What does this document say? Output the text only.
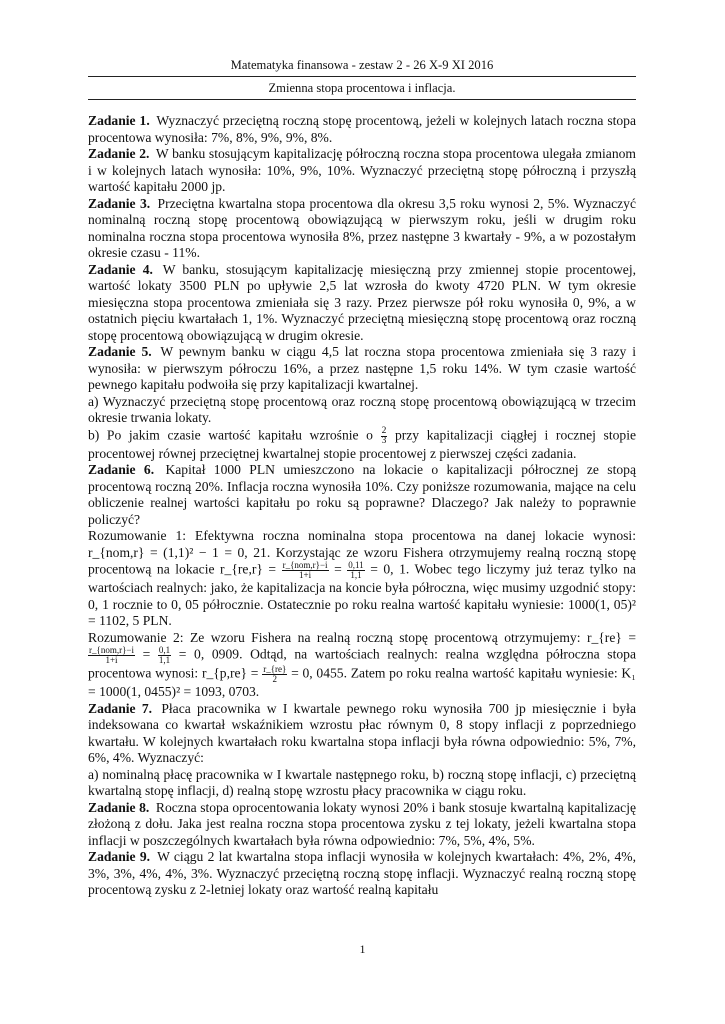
Matematyka finansowa - zestaw 2 - 26 X-9 XI 2016
Zmienna stopa procentowa i inflacja.

Zadanie 1. Wyznaczyć przeciętną roczną stopę procentową, jeżeli w kolejnych latach roczna stopa procentowa wynosiła: 7%, 8%, 9%, 9%, 8%.

Zadanie 2. W banku stosującym kapitalizację półroczną roczna stopa procentowa ulegała zmianom i w kolejnych latach wynosiła: 10%, 9%, 10%. Wyznaczyć przeciętną stopę półroczną i przyszłą wartość kapitału 2000 jp.

Zadanie 3. Przeciętna kwartalna stopa procentowa dla okresu 3,5 roku wynosi 2, 5%. Wyznaczyć nominalną roczną stopę procentową obowiązującą w pierwszym roku, jeśli w drugim roku nominalna roczna stopa procentowa wynosiła 8%, przez następne 3 kwartały - 9%, a w pozostałym okresie czasu - 11%.

Zadanie 4. W banku, stosującym kapitalizację miesięczną przy zmiennej stopie procentowej, wartość lokaty 3500 PLN po upływie 2,5 lat wzrosła do kwoty 4720 PLN. W tym okresie miesięczna stopa procentowa zmieniała się 3 razy. Przez pierwsze pół roku wynosiła 0, 9%, a w ostatnich pięciu kwartałach 1, 1%. Wyznaczyć przeciętną miesięczną stopę procentową oraz roczną stopę procentową obowiązującą w drugim okresie.

Zadanie 5. W pewnym banku w ciągu 4,5 lat roczna stopa procentowa zmieniała się 3 razy i wynosiła: w pierwszym półroczu 16%, a przez następne 1,5 roku 14%. W tym czasie wartość pewnego kapitału podwoiła się przy kapitalizacji kwartalnej.

a) Wyznaczyć przeciętną stopę procentową oraz roczną stopę procentową obowiązującą w trzecim okresie trwania lokaty.

b) Po jakim czasie wartość kapitału wzrośnie o $\frac{2}{3}$ przy kapitalizacji ciągłej i rocznej stopie procentowej równej przeciętnej kwartalnej stopie procentowej z pierwszej części zadania.

Zadanie 6. Kapitał 1000 PLN umieszczono na lokacie o kapitalizacji półrocznej ze stopą procentową roczną 20%. Inflacja roczna wynosiła 10%. Czy poniższe rozumowania, mające na celu obliczenie realnej wartości kapitału po roku są poprawne? Dlaczego? Jak należy to poprawnie policzyć?

Rozumowanie 1: Efektywna roczna nominalna stopa procentowa na danej lokacie wynosi: r_{nom,r} = (1,1)² − 1 = 0, 21. Korzystając ze wzoru Fishera otrzymujemy realną roczną stopę procentową na lokacie r_{re,r} = r_{nom,r}−i
1+i	= $\frac{0,11}{1,1} = 0$, 1. Wobec tego liczymy już teraz tylko na wartościach realnych: jako, że kapitalizacja na koncie była półroczna, więc musimy uzgodnić stopy: 0, 1 rocznie to 0, 05 półrocznie. Ostatecznie po roku realna wartość kapitału wyniesie: 1000(1, 05)² = 1102, 5 PLN.

Rozumowanie 2: Ze wzoru Fishera na realną roczną stopę procentową otrzymujemy: r_{re} =
r_{nom,r}−i
1+i	= $\frac{0,1}{1,1} = 0$, 0909. Odtąd, na wartościach realnych: realna względna półroczna stopa procentowa wynosi: r_{p,re} = $\frac{r\_\{re\}}{2} = 0$, 0455. Zatem po roku realna wartość kapitału wyniesie: K₁ = 1000(1, 0455)² = 1093, 0703.

Zadanie 7. Płaca pracownika w I kwartale pewnego roku wynosiła 700 jp miesięcznie i była indeksowana co kwartał wskaźnikiem wzrostu płac równym 0, 8 stopy inflacji z poprzedniego kwartału. W kolejnych kwartałach roku kwartalna stopa inflacji była równa odpowiednio: 5%, 7%, 6%, 4%. Wyznaczyć:

a) nominalną płacę pracownika w I kwartale następnego roku, b) roczną stopę inflacji, c) przeciętną kwartalną stopę inflacji, d) realną stopę wzrostu płacy pracownika w ciągu roku.

Zadanie 8. Roczna stopa oprocentowania lokaty wynosi 20% i bank stosuje kwartalną kapitalizację złożoną z dołu. Jaka jest realna roczna stopa procentowa zysku z tej lokaty, jeżeli kwartalna stopa inflacji w poszczególnych kwartałach była równa odpowiednio: 7%, 5%, 4%, 5%.

Zadanie 9. W ciągu 2 lat kwartalna stopa inflacji wynosiła w kolejnych kwartałach: 4%, 2%, 4%, 3%, 3%, 4%, 4%, 3%. Wyznaczyć przeciętną roczną stopę inflacji. Wyznaczyć realną roczną stopę procentową zysku z 2-letniej lokaty oraz wartość realną kapitału

1
